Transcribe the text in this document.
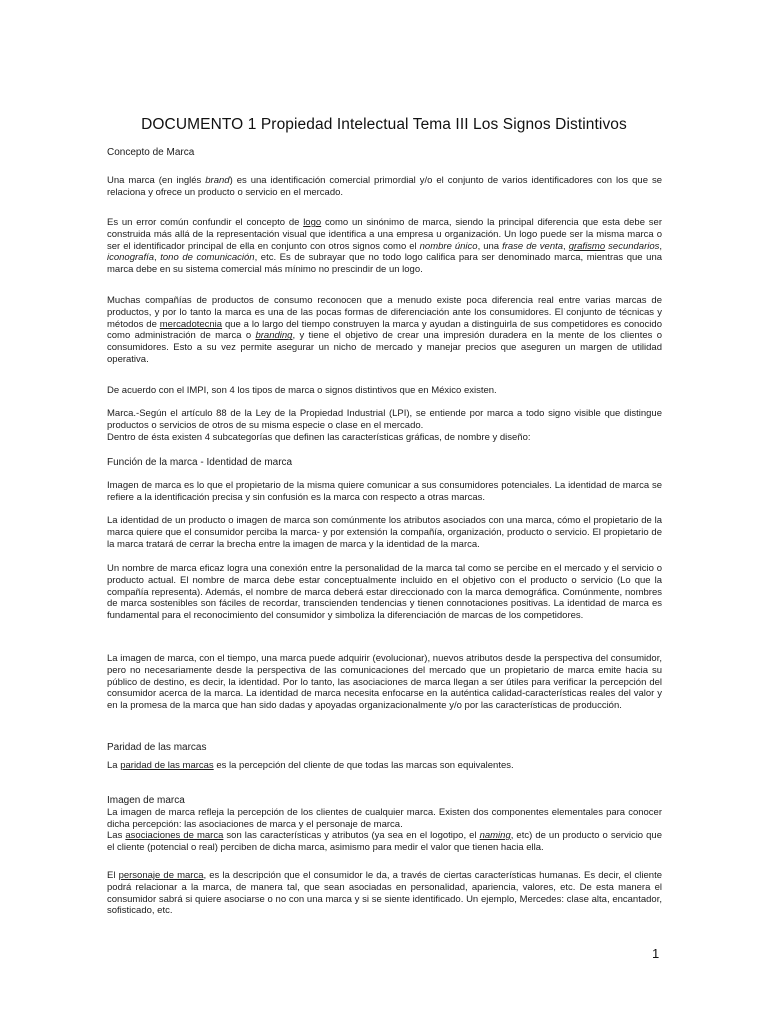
DOCUMENTO 1 Propiedad Intelectual Tema III Los Signos Distintivos
Concepto de Marca

Una marca (en inglés brand) es una identificación comercial primordial y/o el conjunto de varios identificadores con los que se relaciona y ofrece un producto o servicio en el mercado.

Es un error común confundir el concepto de logo como un sinónimo de marca, siendo la principal diferencia que esta debe ser construida más allá de la representación visual que identifica a una empresa u organización. Un logo puede ser la misma marca o ser el identificador principal de ella en conjunto con otros signos como el nombre único, una frase de venta, grafismo secundarios, iconografía, tono de comunicación, etc. Es de subrayar que no todo logo califica para ser denominado marca, mientras que una marca debe en su sistema comercial más mínimo no prescindir de un logo.

Muchas compañías de productos de consumo reconocen que a menudo existe poca diferencia real entre varias marcas de productos, y por lo tanto la marca es una de las pocas formas de diferenciación ante los consumidores. El conjunto de técnicas y métodos de mercadotecnia que a lo largo del tiempo construyen la marca y ayudan a distinguirla de sus competidores es conocido como administración de marca o branding, y tiene el objetivo de crear una impresión duradera en la mente de los clientes o consumidores. Esto a su vez permite asegurar un nicho de mercado y manejar precios que aseguren un margen de utilidad operativa.

De acuerdo con el IMPI, son 4 los tipos de marca o signos distintivos que en México existen.

Marca.-Según el artículo 88 de la Ley de la Propiedad Industrial (LPI), se entiende por marca a todo signo visible que distingue productos o servicios de otros de su misma especie o clase en el mercado.

Dentro de ésta existen 4 subcategorías que definen las características gráficas, de nombre y diseño:

Función de la marca - Identidad de marca

Imagen de marca es lo que el propietario de la misma quiere comunicar a sus consumidores potenciales. La identidad de marca se refiere a la identificación precisa y sin confusión es la marca con respecto a otras marcas.

La identidad de un producto o imagen de marca son comúnmente los atributos asociados con una marca, cómo el propietario de la marca quiere que el consumidor perciba la marca- y por extensión la compañía, organización, producto o servicio. El propietario de la marca tratará de cerrar la brecha entre la imagen de marca y la identidad de la marca.

Un nombre de marca eficaz logra una conexión entre la personalidad de la marca tal como se percibe en el mercado y el servicio o producto actual. El nombre de marca debe estar conceptualmente incluido en el objetivo con el producto o servicio (Lo que la compañía representa). Además, el nombre de marca deberá estar direccionado con la marca demográfica. Comúnmente, nombres de marca sostenibles son fáciles de recordar, transcienden tendencias y tienen connotaciones positivas. La identidad de marca es fundamental para el reconocimiento del consumidor y simboliza la diferenciación de marcas de los competidores.

La imagen de marca, con el tiempo, una marca puede adquirir (evolucionar), nuevos atributos desde la perspectiva del consumidor, pero no necesariamente desde la perspectiva de las comunicaciones del mercado que un propietario de marca emite hacia su público de destino, es decir, la identidad. Por lo tanto, las asociaciones de marca llegan a ser útiles para verificar la percepción del consumidor acerca de la marca. La identidad de marca necesita enfocarse en la auténtica calidad-características reales del valor y en la promesa de la marca que han sido dadas y apoyadas organizacionalmente y/o por las características de producción.

Paridad de las marcas

La paridad de las marcas es la percepción del cliente de que todas las marcas son equivalentes.

Imagen de marca

La imagen de marca refleja la percepción de los clientes de cualquier marca. Existen dos componentes elementales para conocer dicha percepción: las asociaciones de marca y el personaje de marca.

Las asociaciones de marca son las características y atributos (ya sea en el logotipo, el naming, etc) de un producto o servicio que el cliente (potencial o real) perciben de dicha marca, asimismo para medir el valor que tienen hacia ella.

El personaje de marca, es la descripción que el consumidor le da, a través de ciertas características humanas. Es decir, el cliente podrá relacionar a la marca, de manera tal, que sean asociadas en personalidad, apariencia, valores, etc. De esta manera el consumidor sabrá si quiere asociarse o no con una marca y si se siente identificado. Un ejemplo, Mercedes: clase alta, encantador, sofisticado, etc.

1
